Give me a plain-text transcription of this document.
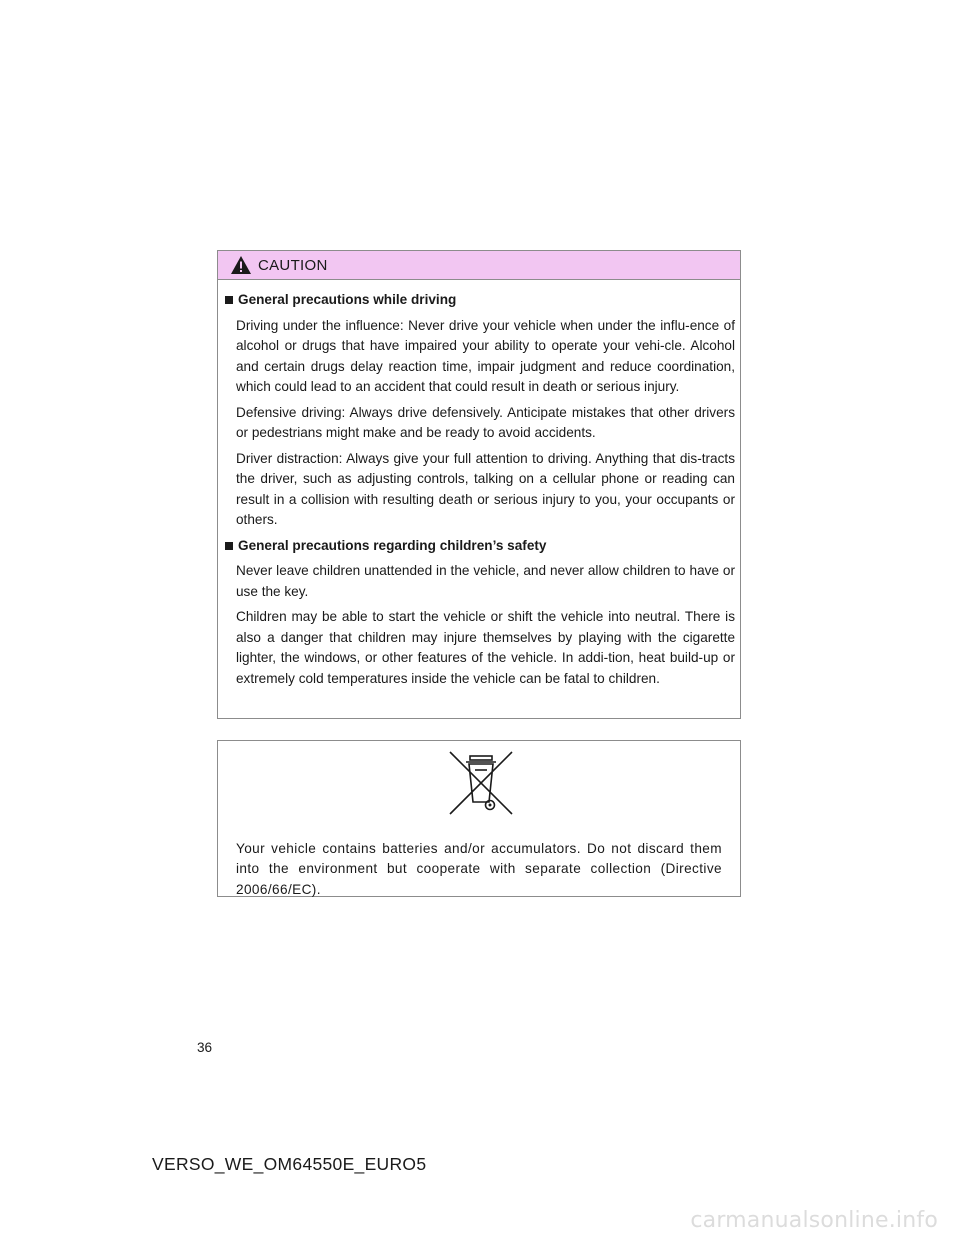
CAUTION
General precautions while driving

Driving under the influence: Never drive your vehicle when under the influ-ence of alcohol or drugs that have impaired your ability to operate your vehi-cle. Alcohol and certain drugs delay reaction time, impair judgment and reduce coordination, which could lead to an accident that could result in death or serious injury.

Defensive driving: Always drive defensively. Anticipate mistakes that other drivers or pedestrians might make and be ready to avoid accidents.

Driver distraction: Always give your full attention to driving. Anything that dis-tracts the driver, such as adjusting controls, talking on a cellular phone or reading can result in a collision with resulting death or serious injury to you, your occupants or others.

General precautions regarding children’s safety

Never leave children unattended in the vehicle, and never allow children to have or use the key.

Children may be able to start the vehicle or shift the vehicle into neutral. There is also a danger that children may injure themselves by playing with the cigarette lighter, the windows, or other features of the vehicle. In addi-tion, heat build-up or extremely cold temperatures inside the vehicle can be fatal to children.

Your vehicle contains batteries and/or accumulators. Do not discard them into the environment but cooperate with separate collection (Directive 2006/66/EC).

36
VERSO_WE_OM64550E_EURO5
carmanualsonline.info
